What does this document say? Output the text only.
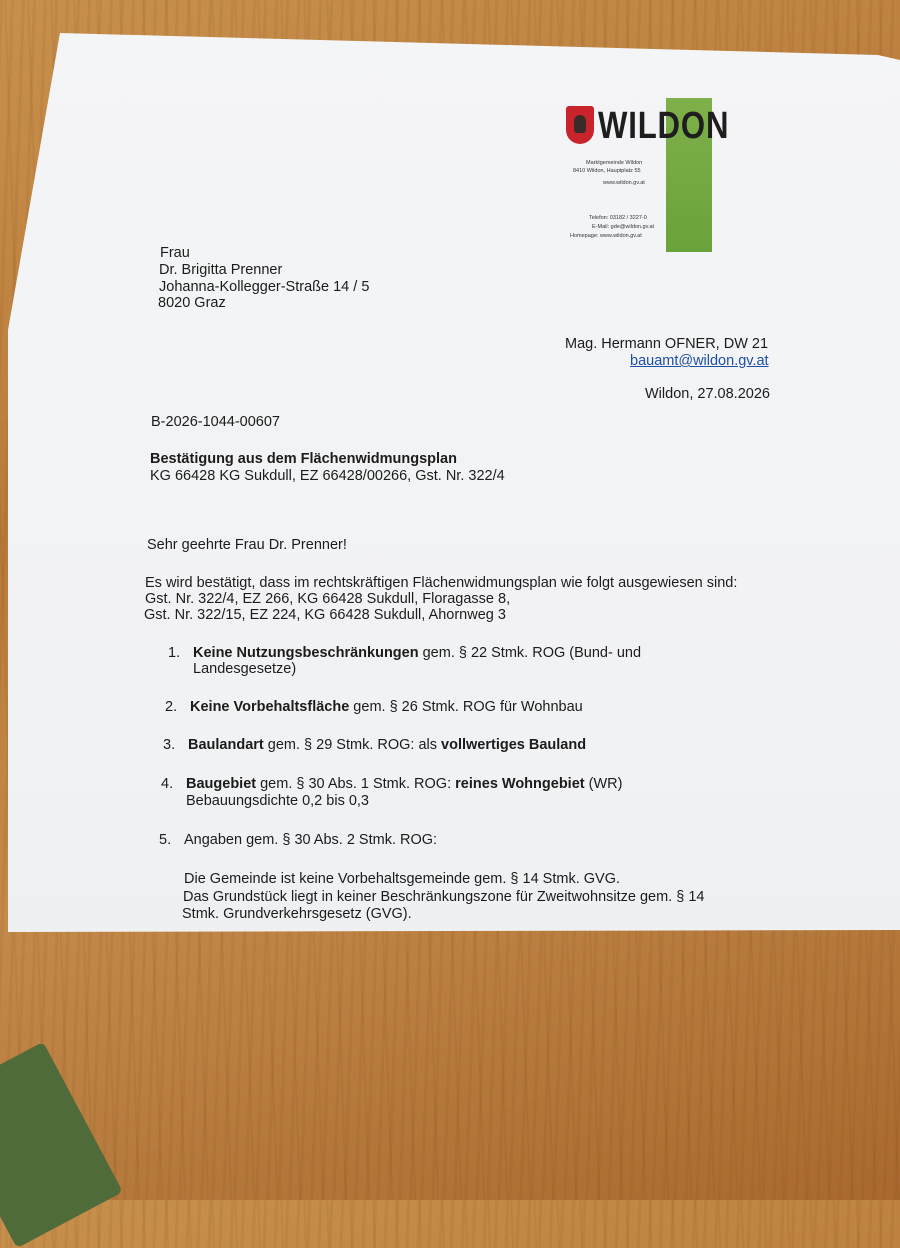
WILDON
Marktgemeinde Wildon
8410 Wildon, Hauptplatz 55
www.wildon.gv.at
Telefon: 03182 / 3227-0
E-Mail: gde@wildon.gv.at
Homepage: www.wildon.gv.at
Frau
Dr. Brigitta Prenner
Johanna-Kollegger-Straße 14 / 5
8020 Graz
Mag. Hermann OFNER, DW 21
bauamt@wildon.gv.at
Wildon, 27.08.2026
B-2026-1044-00607
Bestätigung aus dem Flächenwidmungsplan
KG 66428 KG Sukdull, EZ 66428/00266, Gst. Nr. 322/4
Sehr geehrte Frau Dr. Prenner!
Es wird bestätigt, dass im rechtskräftigen Flächenwidmungsplan wie folgt ausgewiesen sind:
Gst. Nr. 322/4, EZ 266, KG 66428 Sukdull, Floragasse 8,
Gst. Nr. 322/15, EZ 224, KG 66428 Sukdull, Ahornweg 3
1. Keine Nutzungsbeschränkungen gem. § 22 Stmk. ROG (Bund- und
Landesgesetze)
2. Keine Vorbehaltsfläche gem. § 26 Stmk. ROG für Wohnbau
3. Baulandart gem. § 29 Stmk. ROG: als vollwertiges Bauland
4. Baugebiet gem. § 30 Abs. 1 Stmk. ROG: reines Wohngebiet (WR)
Bebauungsdichte 0,2 bis 0,3
5. Angaben gem. § 30 Abs. 2 Stmk. ROG:
Die Gemeinde ist keine Vorbehaltsgemeinde gem. § 14 Stmk. GVG.
Das Grundstück liegt in keiner Beschränkungszone für Zweitwohnsitze gem. § 14
Stmk. Grundverkehrsgesetz (GVG).
